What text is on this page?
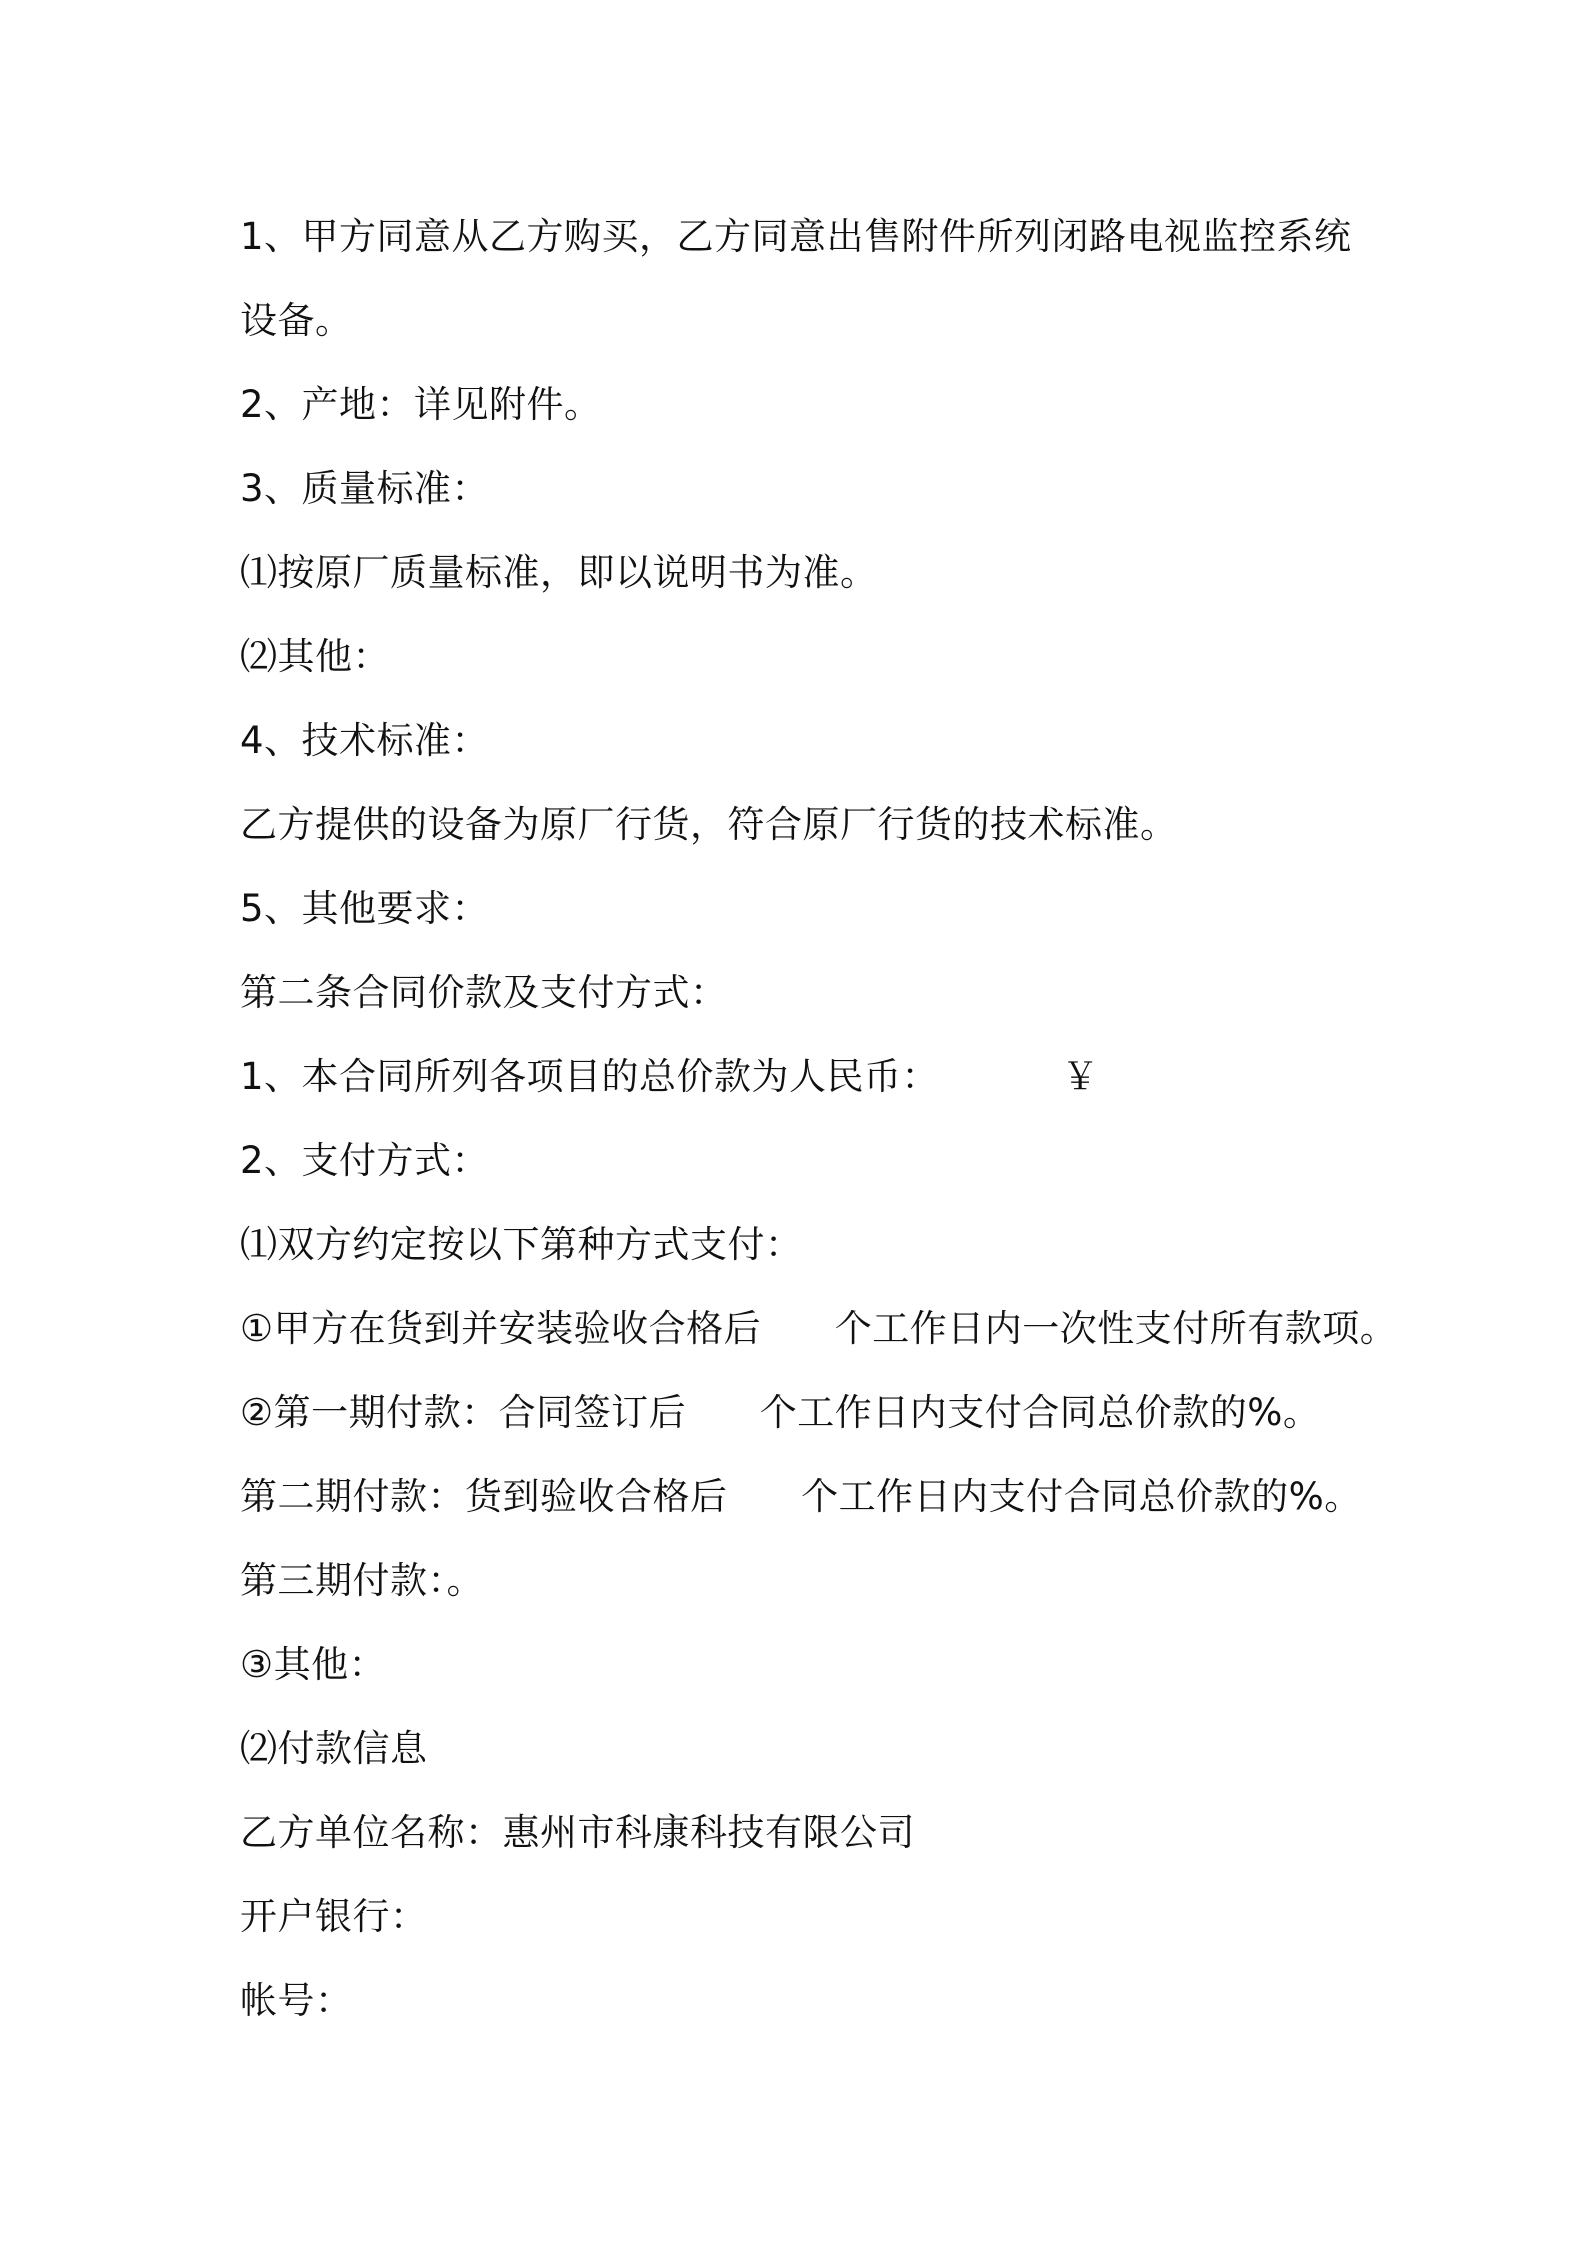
1、甲方同意从乙方购买，乙方同意出售附件所列闭路电视监控系统
设备。
2、产地：详见附件。
3、质量标准：
⑴按原厂质量标准，即以说明书为准。
⑵其他：
4、技术标准：
乙方提供的设备为原厂行货，符合原厂行货的技术标准。
5、其他要求：
第二条合同价款及支付方式：
1、本合同所列各项目的总价款为人民币：          ￥
2、支付方式：
⑴双方约定按以下第种方式支付：
①甲方在货到并安装验收合格后      个工作日内一次性支付所有款项。
②第一期付款：合同签订后      个工作日内支付合同总价款的%。
第二期付款：货到验收合格后      个工作日内支付合同总价款的%。
第三期付款：。
③其他：
⑵付款信息
乙方单位名称：惠州市科康科技有限公司
开户银行：
帐号：
